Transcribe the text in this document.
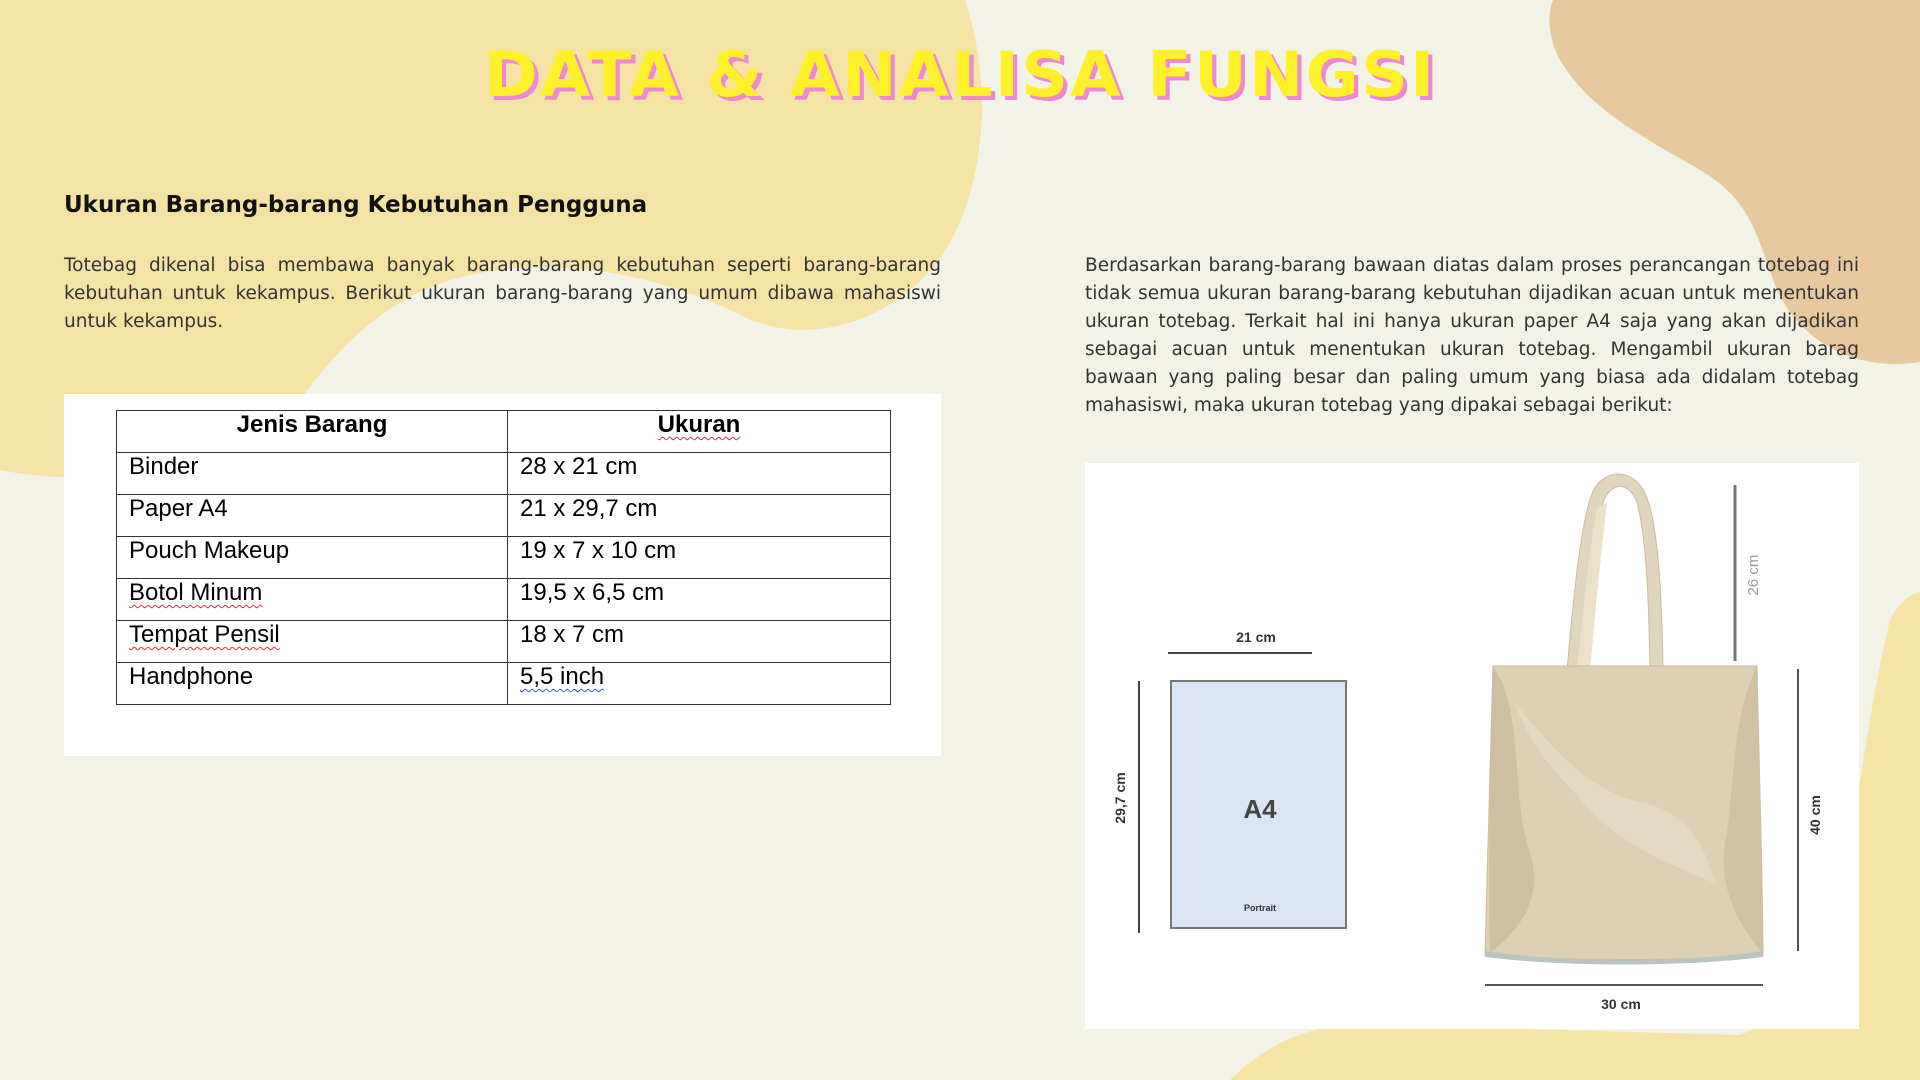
DATA & ANALISA FUNGSI
Ukuran Barang-barang Kebutuhan Pengguna
Totebag dikenal bisa membawa banyak barang-barang kebutuhan seperti barang-barang kebutuhan untuk kekampus. Berikut ukuran barang-barang yang umum dibawa mahasiswi untuk kekampus.
Berdasarkan barang-barang bawaan diatas dalam proses perancangan totebag ini tidak semua ukuran barang-barang kebutuhan dijadikan acuan untuk menentukan ukuran totebag. Terkait hal ini hanya ukuran paper A4 saja yang akan dijadikan sebagai acuan untuk menentukan ukuran totebag. Mengambil ukuran barag bawaan yang paling besar dan paling umum yang biasa ada didalam totebag mahasiswi, maka ukuran totebag yang dipakai sebagai berikut:
Jenis Barang	Ukuran
Binder	28 x 21 cm
Paper A4	21 x 29,7 cm
Pouch Makeup	19 x 7 x 10 cm
Botol Minum	19,5 x 6,5 cm
Tempat Pensil	18 x 7 cm
Handphone	5,5 inch
21 cm
29,7 cm	A4
Portrait
26 cm
40 cm
30 cm
